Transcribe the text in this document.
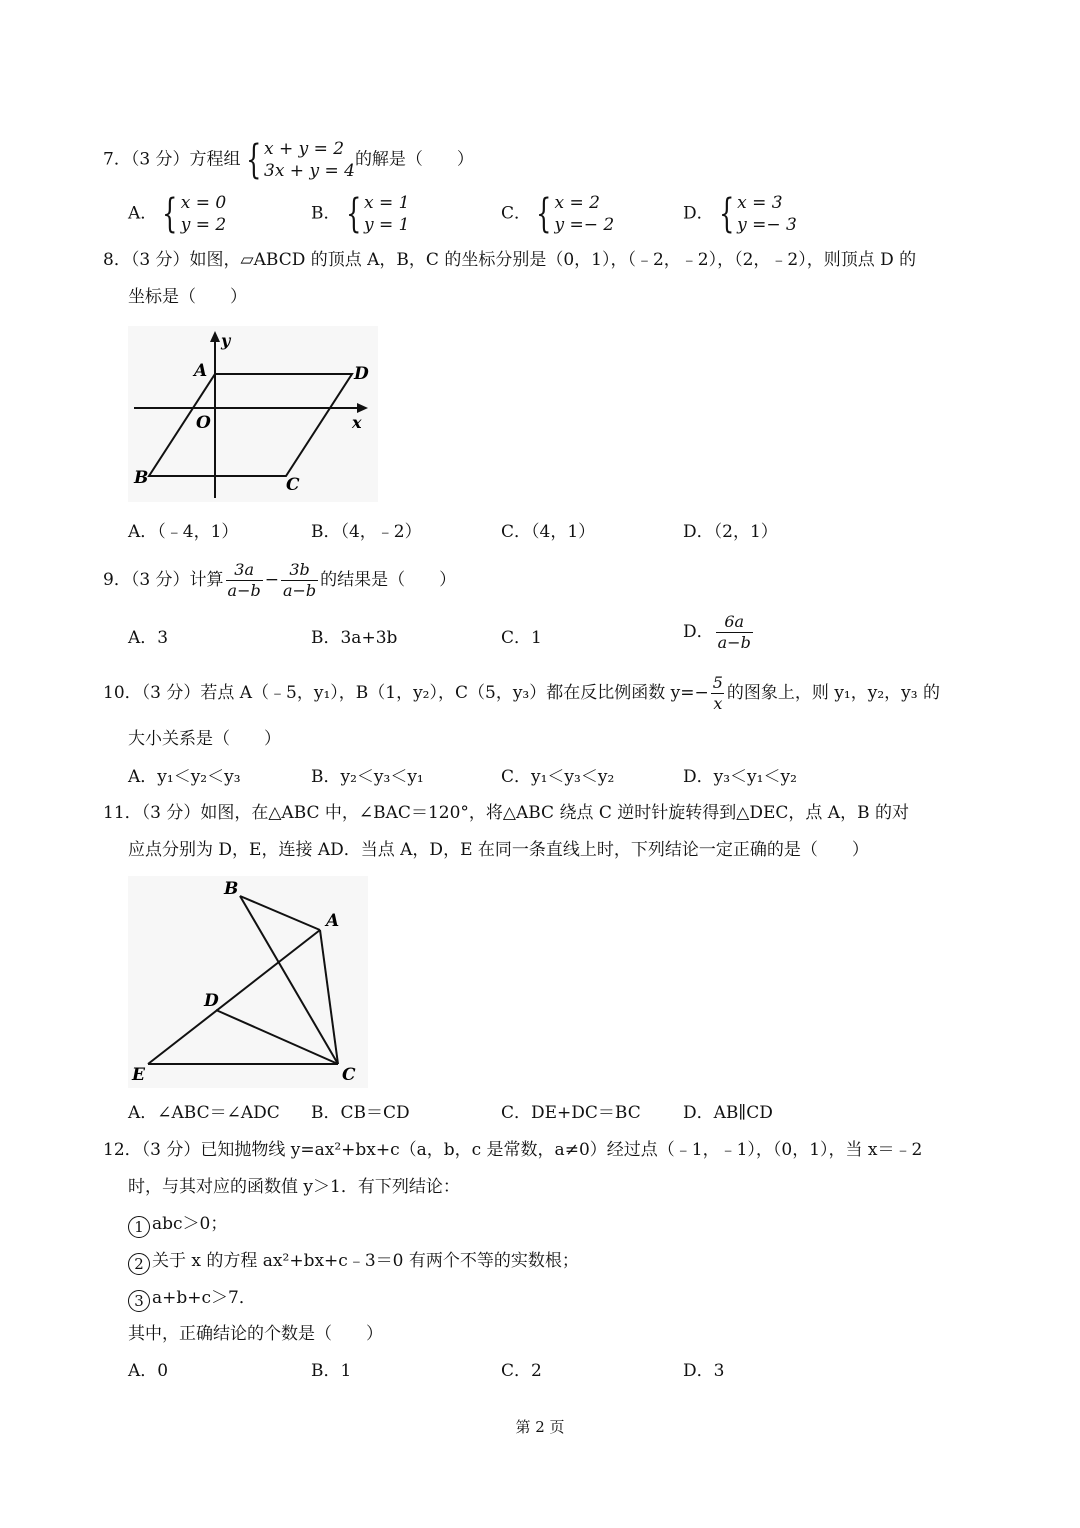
7．（3 分）方程组 { x + y = 2
3x + y = 4
的解是（　　）
A． { x = 0
y = 2
B． { x = 1
y = 1
C． { x = 2
y =− 2
D． { x = 3
y =− 3
8．（3 分）如图，▱ABCD 的顶点 A，B，C 的坐标分别是（0，1），（﹣2，﹣2），（2，﹣2），则顶点 D 的
坐标是（　　）
A
B	C
D
O	x
y
A．（﹣4，1）	B．（4，﹣2）	C．（4，1）	D．（2，1）
9．（3 分）计算 $\frac{3a}{a-b} - \frac{3b}{a-b}$ 的结果是（　　）
A．3	B．3a+3b	C．1	D． $\frac{6a}{a-b}$
10．（3 分）若点 A（﹣5，y₁），B（1，y₂），C（5，y₃）都在反比例函数 $y=- \frac{5}{x}$ 的图象上，则 y₁，y₂，y₃ 的
大小关系是（　　）
A．y₁＜y₂＜y₃	B．y₂＜y₃＜y₁	C．y₁＜y₃＜y₂	D．y₃＜y₁＜y₂
11．（3 分）如图，在△ABC 中，∠BAC＝120°，将△ABC 绕点 C 逆时针旋转得到△DEC，点 A，B 的对
应点分别为 D，E，连接 AD．当点 A，D，E 在同一条直线上时，下列结论一定正确的是（　　）
B
A
D
E	C
A．∠ABC＝∠ADC B．CB＝CD	C．DE+DC＝BC D．AB∥CD
12．（3 分）已知抛物线 y=ax²+bx+c（a，b，c 是常数，a≠0）经过点（﹣1，﹣1），（0，1），当 x＝﹣2
时，与其对应的函数值 y＞1．有下列结论：
1 abc＞0；
2 关于 x 的方程 ax²+bx+c﹣3＝0 有两个不等的实数根；
3 a+b+c＞7．
其中，正确结论的个数是（　　）
A．0	B．1	C．2	D．3
第 2 页
